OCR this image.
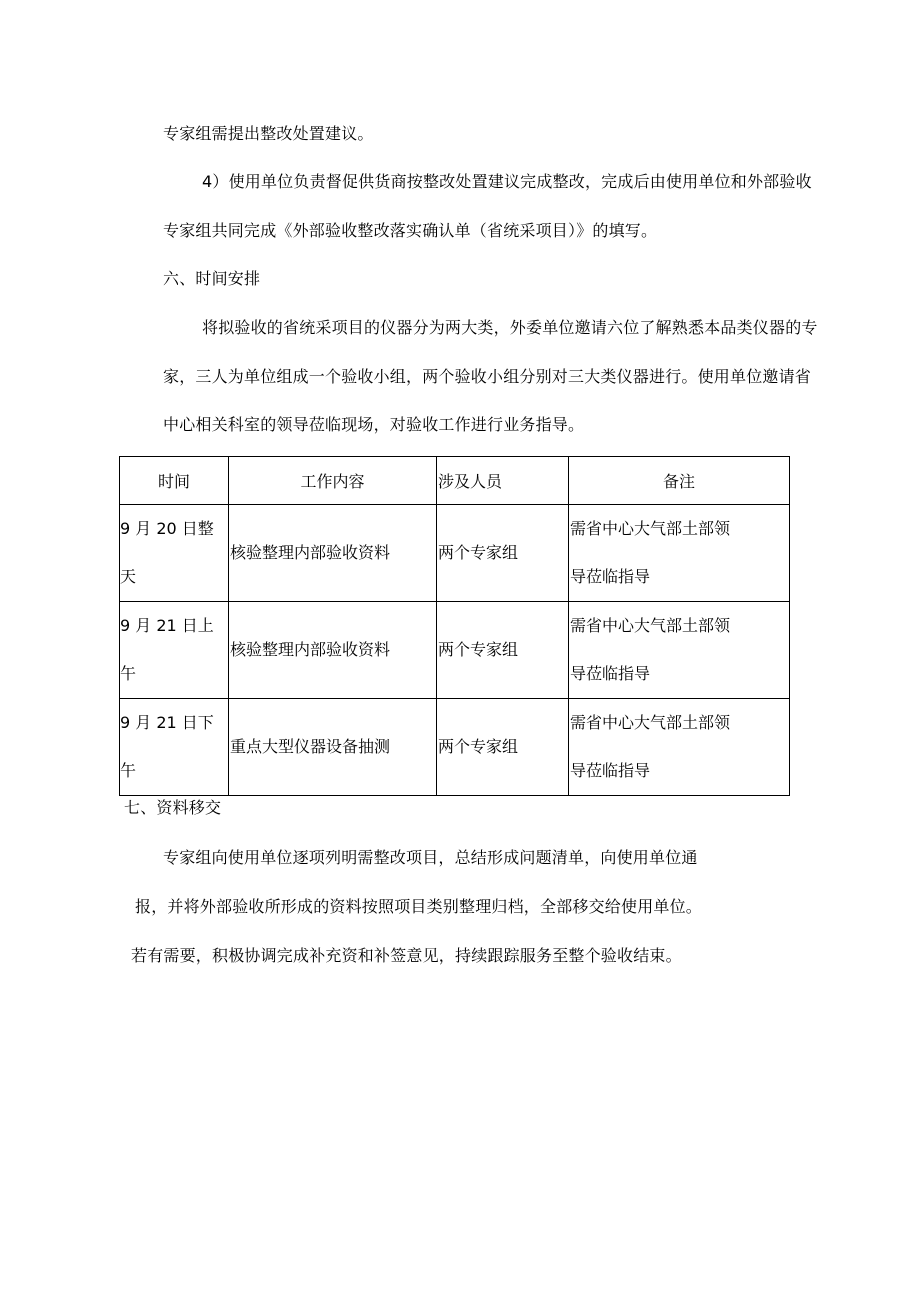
专家组需提出整改处置建议。
4）使用单位负责督促供货商按整改处置建议完成整改，完成后由使用单位和外部验收
专家组共同完成《外部验收整改落实确认单（省统采项目）》的填写。
六、时间安排
将拟验收的省统采项目的仪器分为两大类，外委单位邀请六位了解熟悉本品类仪器的专
家，三人为单位组成一个验收小组，两个验收小组分别对三大类仪器进行。使用单位邀请省
中心相关科室的领导莅临现场，对验收工作进行业务指导。
时间	工作内容	涉及人员	备注

9 月 20 日整
天	核验整理内部验收资料	两个专家组	需省中心大气部土部领
导莅临指导

9 月 21 日上
午	核验整理内部验收资料	两个专家组	需省中心大气部土部领
导莅临指导

9 月 21 日下
午	重点大型仪器设备抽测	两个专家组	需省中心大气部土部领
导莅临指导
七、资料移交
专家组向使用单位逐项列明需整改项目，总结形成问题清单，向使用单位通
报，并将外部验收所形成的资料按照项目类别整理归档，全部移交给使用单位。
若有需要，积极协调完成补充资和补签意见，持续跟踪服务至整个验收结束。
